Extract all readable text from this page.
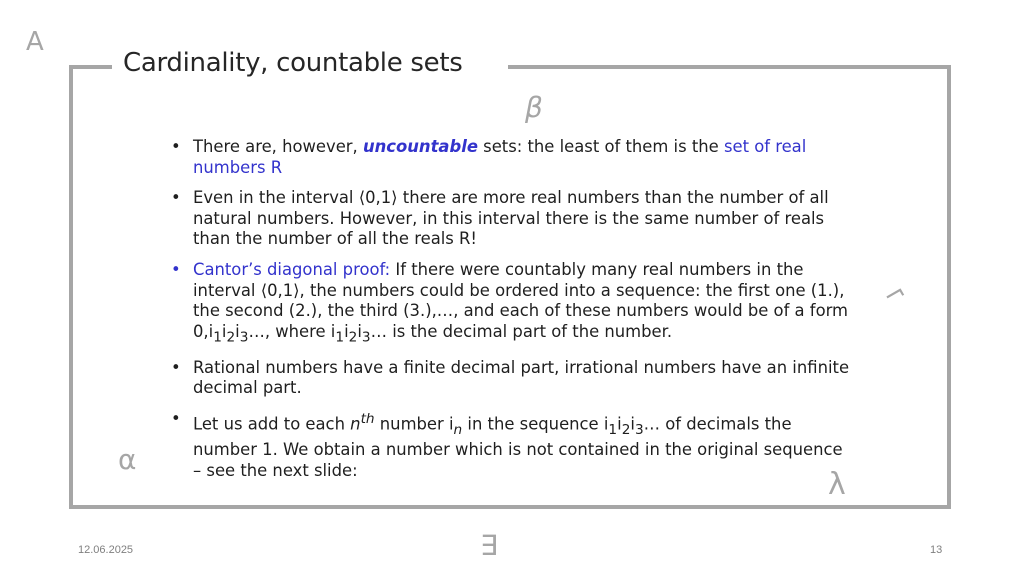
Cardinality, countable sets
∀
β
¬
α
λ
∃
• There are, however, uncountable sets: the least of them is the set of real numbers R
• Even in the interval ⟨0,1⟩ there are more real numbers than the number of all natural numbers. However, in this interval there is the same number of reals than the number of all the reals R!
• Cantor’s diagonal proof: If there were countably many real numbers in the interval ⟨0,1⟩, the numbers could be ordered into a sequence: the first one (1.), the second (2.), the third (3.),…, and each of these numbers would be of a form $0,i_1i_2i_3\dots$, where $i_1i_2i_3\dots$ is the decimal part of the number.
• Rational numbers have a finite decimal part, irrational numbers have an infinite decimal part.
• Let us add to each $n^{th}$ number $i_n$ in the sequence $i_1i_2i_3\dots$ of decimals the number 1. We obtain a number which is not contained in the original sequence – see the next slide:
12.06.2025	13
